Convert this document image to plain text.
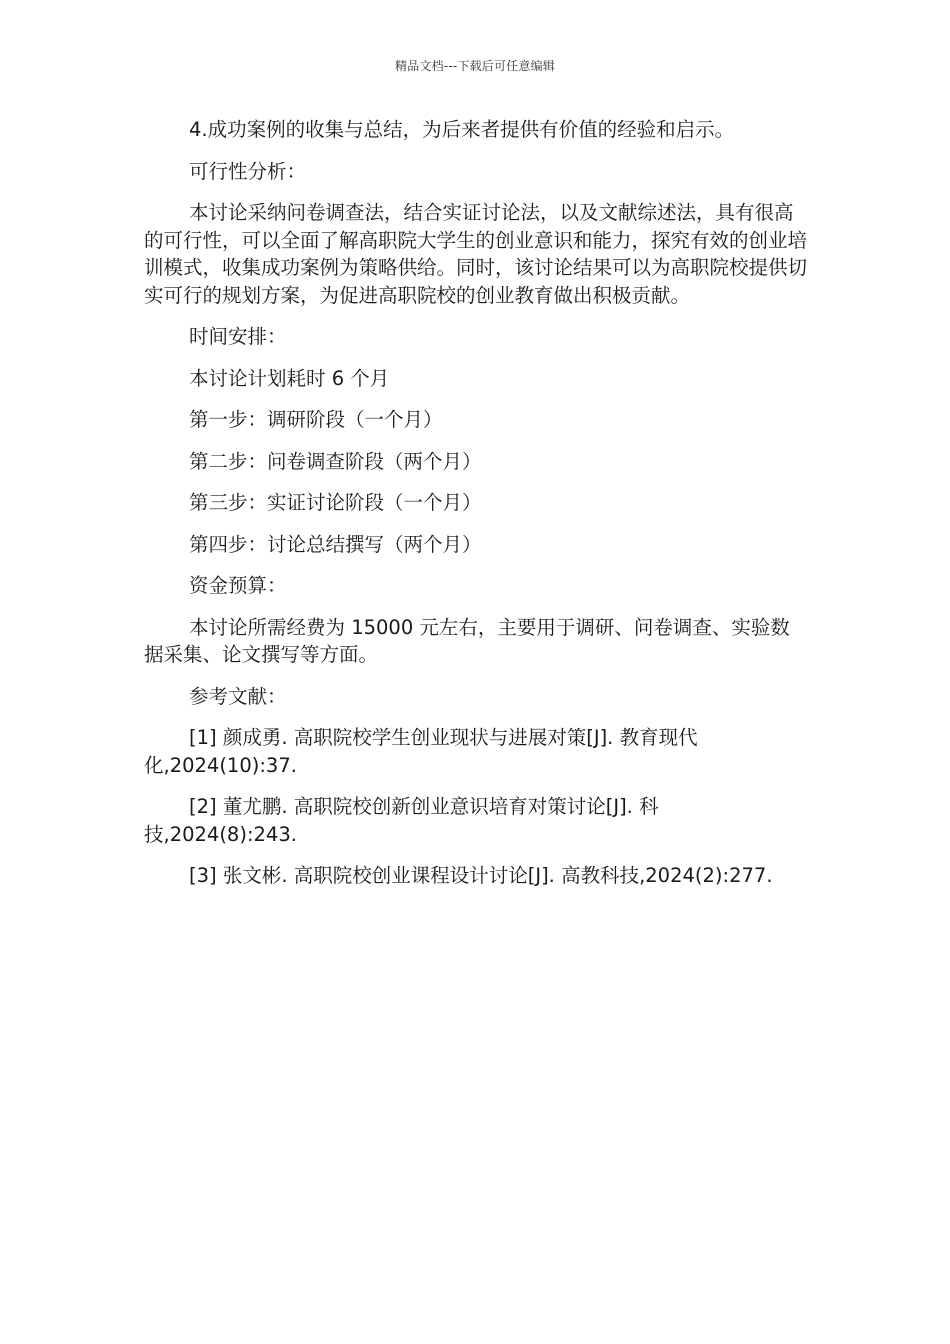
精品文档---下载后可任意编辑

4.成功案例的收集与总结，为后来者提供有价值的经验和启示。

可行性分析：

本讨论采纳问卷调查法，结合实证讨论法，以及文献综述法，具有很高的可行性，可以全面了解高职院大学生的创业意识和能力，探究有效的创业培训模式，收集成功案例为策略供给。同时，该讨论结果可以为高职院校提供切实可行的规划方案，为促进高职院校的创业教育做出积极贡献。

时间安排：

本讨论计划耗时 6 个月

第一步：调研阶段（一个月）

第二步：问卷调查阶段（两个月）

第三步：实证讨论阶段（一个月）

第四步：讨论总结撰写（两个月）

资金预算：

本讨论所需经费为 15000 元左右，主要用于调研、问卷调查、实验数据采集、论文撰写等方面。

参考文献：

[1] 颜成勇. 高职院校学生创业现状与进展对策[J]. 教育现代化,2024(10):37.

[2] 董尤鹏. 高职院校创新创业意识培育对策讨论[J]. 科技,2024(8):243.

[3] 张文彬. 高职院校创业课程设计讨论[J]. 高教科技,2024(2):277.
